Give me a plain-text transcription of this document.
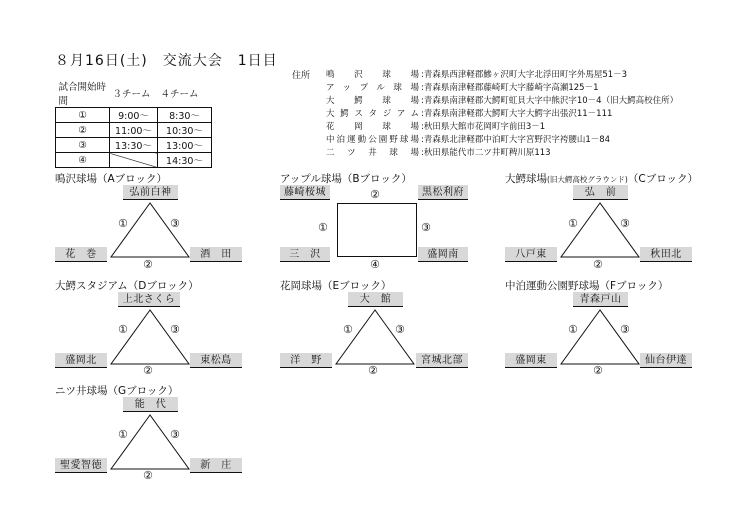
８月16日(土)　交流大会　1日目
試合開始時間	３チーム	４チーム
①	9:00～	8:30～
②	11:00～	10:30～
③	13:30～	13:00～
④		14:30～
住所 鳴沢球場 :青森県西津軽郡鰺ヶ沢町大字北浮田町字外馬屋51－3
アップル球場 :青森県南津軽郡藤崎町大字藤崎字高瀬125－1
大鰐球場 :青森県南津軽郡大鰐町虹貝大字中熊沢字10－4（旧大鰐高校住所）
大鰐スタジアム :青森県南津軽郡大鰐町大字大鰐字出張沢11－111
花岡球場 :秋田県大館市花岡町字前田3－1
中泊運動公園野球場 :青森県北津軽郡中泊町大字宮野沢字袴腰山1－84
二ツ井球場 :秋田県能代市二ツ井町稗川原113
鳴沢球場（Aブロック）
弘前白神
花　巻	酒　田
①	③
②
アップル球場（Bブロック）
藤崎桜城	黒松利府
三　沢	盛岡南
②
①	③
④
大鰐球場(旧大鰐高校グラウンド)（Cブロック）
弘　前
八戸東	秋田北
①	③
②
大鰐スタジアム（Dブロック）
上北さくら
盛岡北	東松島
①	③
②
花岡球場（Eブロック）
大　館
洋　野	宮城北部
①	③
②
中泊運動公園野球場（Fブロック）
青森戸山
盛岡東	仙台伊達
①	③
②
ニツ井球場（Gブロック）
能　代
聖愛智徳	新　庄
①	③
②
